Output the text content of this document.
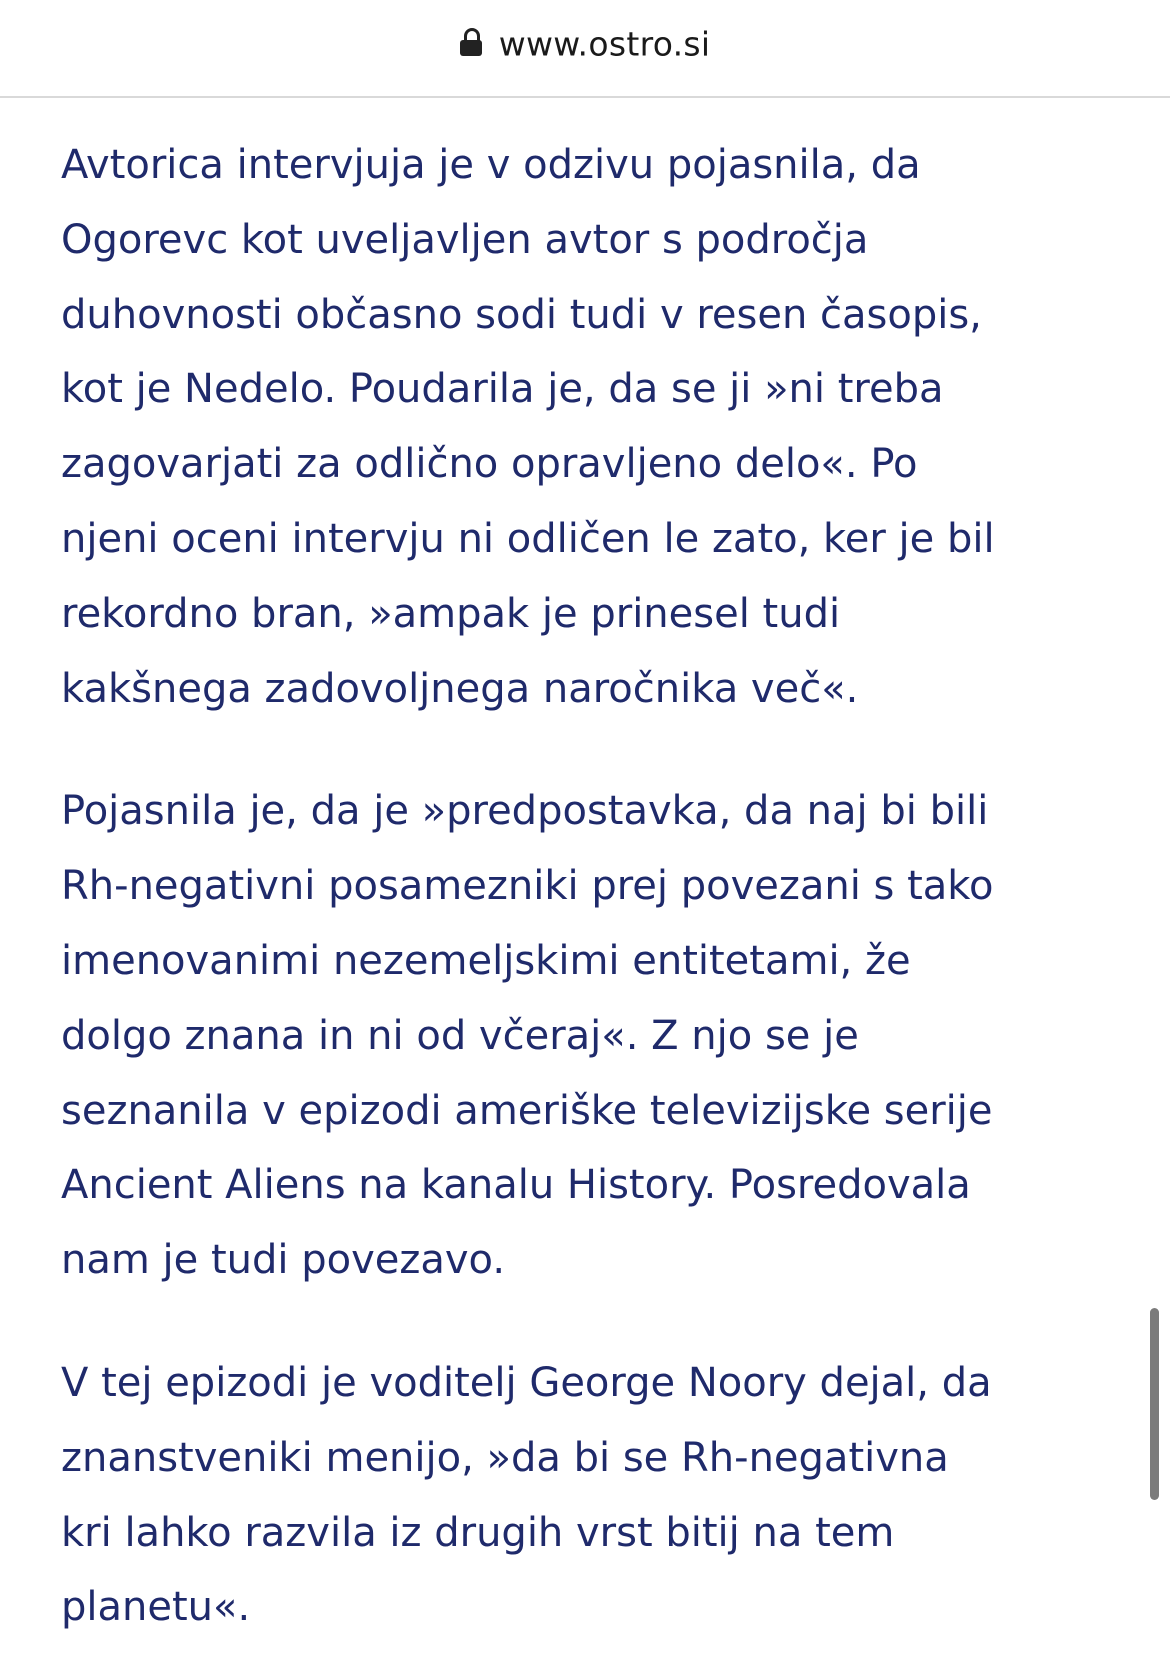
www.ostro.si

Avtorica intervjuja je v odzivu pojasnila, da
Ogorevc kot uveljavljen avtor s področja
duhovnosti občasno sodi tudi v resen časopis,
kot je Nedelo. Poudarila je, da se ji »ni treba
zagovarjati za odlično opravljeno delo«. Po
njeni oceni intervju ni odličen le zato, ker je bil
rekordno bran, »ampak je prinesel tudi
kakšnega zadovoljnega naročnika več«.

Pojasnila je, da je »predpostavka, da naj bi bili
Rh-negativni posamezniki prej povezani s tako
imenovanimi nezemeljskimi entitetami, že
dolgo znana in ni od včeraj«. Z njo se je
seznanila v epizodi ameriške televizijske serije
Ancient Aliens na kanalu History. Posredovala
nam je tudi povezavo.

V tej epizodi je voditelj George Noory dejal, da
znanstveniki menijo, »da bi se Rh-negativna
kri lahko razvila iz drugih vrst bitij na tem
planetu«.
